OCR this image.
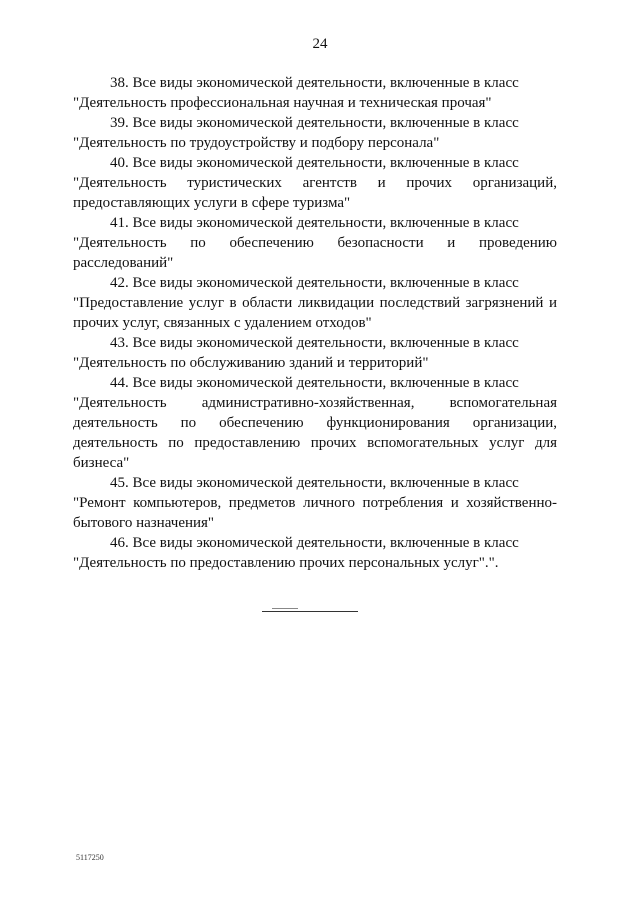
24

38. Все виды экономической деятельности, включенные в класс
"Деятельность профессиональная научная и техническая прочая"

39. Все виды экономической деятельности, включенные в класс
"Деятельность по трудоустройству и подбору персонала"

40. Все виды экономической деятельности, включенные в класс
"Деятельность туристических агентств и прочих организаций, предоставляющих услуги в сфере туризма"

41. Все виды экономической деятельности, включенные в класс
"Деятельность по обеспечению безопасности и проведению расследований"

42. Все виды экономической деятельности, включенные в класс
"Предоставление услуг в области ликвидации последствий загрязнений и прочих услуг, связанных с удалением отходов"

43. Все виды экономической деятельности, включенные в класс
"Деятельность по обслуживанию зданий и территорий"

44. Все виды экономической деятельности, включенные в класс
"Деятельность административно-хозяйственная, вспомогательная деятельность по обеспечению функционирования организации, деятельность по предоставлению прочих вспомогательных услуг для бизнеса"

45. Все виды экономической деятельности, включенные в класс
"Ремонт компьютеров, предметов личного потребления и хозяйственно-бытового назначения"

46. Все виды экономической деятельности, включенные в класс
"Деятельность по предоставлению прочих персональных услуг".".

5117250
